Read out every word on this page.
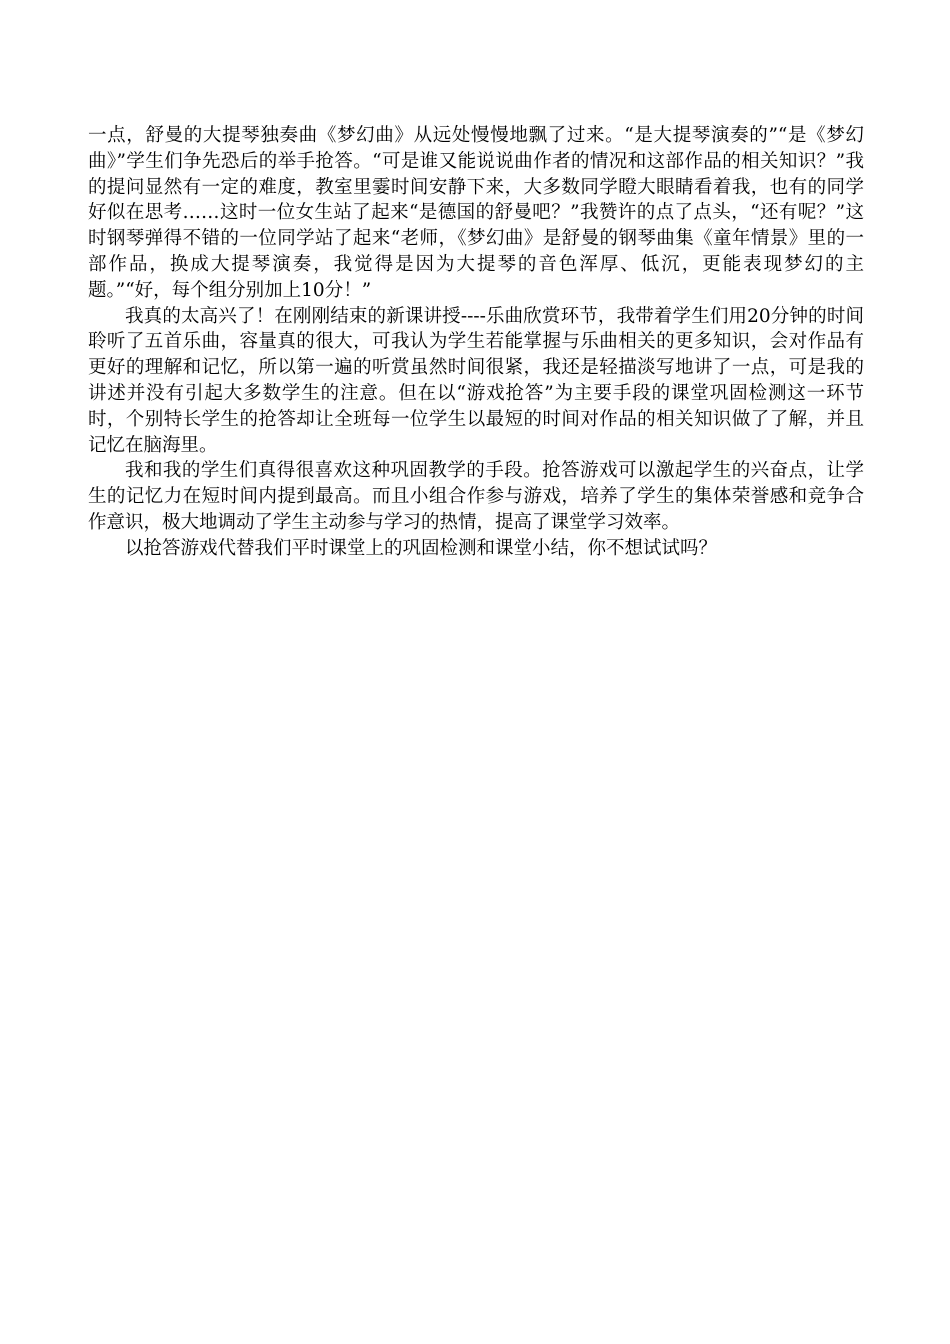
一点，舒曼的大提琴独奏曲《梦幻曲》从远处慢慢地飘了过来。“是大提琴演奏的”“是《梦幻曲》”学生们争先恐后的举手抢答。“可是谁又能说说曲作者的情况和这部作品的相关知识？”我的提问显然有一定的难度，教室里霎时间安静下来，大多数同学瞪大眼睛看着我，也有的同学好似在思考……这时一位女生站了起来“是德国的舒曼吧？”我赞许的点了点头，“还有呢？”这时钢琴弹得不错的一位同学站了起来“老师，《梦幻曲》是舒曼的钢琴曲集《童年情景》里的一部作品，换成大提琴演奏，我觉得是因为大提琴的音色浑厚、低沉，更能表现梦幻的主题。”“好，每个组分别加上10分！”

我真的太高兴了！在刚刚结束的新课讲授----乐曲欣赏环节，我带着学生们用20分钟的时间聆听了五首乐曲，容量真的很大，可我认为学生若能掌握与乐曲相关的更多知识，会对作品有更好的理解和记忆，所以第一遍的听赏虽然时间很紧，我还是轻描淡写地讲了一点，可是我的讲述并没有引起大多数学生的注意。但在以“游戏抢答”为主要手段的课堂巩固检测这一环节时，个别特长学生的抢答却让全班每一位学生以最短的时间对作品的相关知识做了了解，并且记忆在脑海里。

我和我的学生们真得很喜欢这种巩固教学的手段。抢答游戏可以激起学生的兴奋点，让学生的记忆力在短时间内提到最高。而且小组合作参与游戏，培养了学生的集体荣誉感和竞争合作意识，极大地调动了学生主动参与学习的热情，提高了课堂学习效率。

以抢答游戏代替我们平时课堂上的巩固检测和课堂小结，你不想试试吗？
